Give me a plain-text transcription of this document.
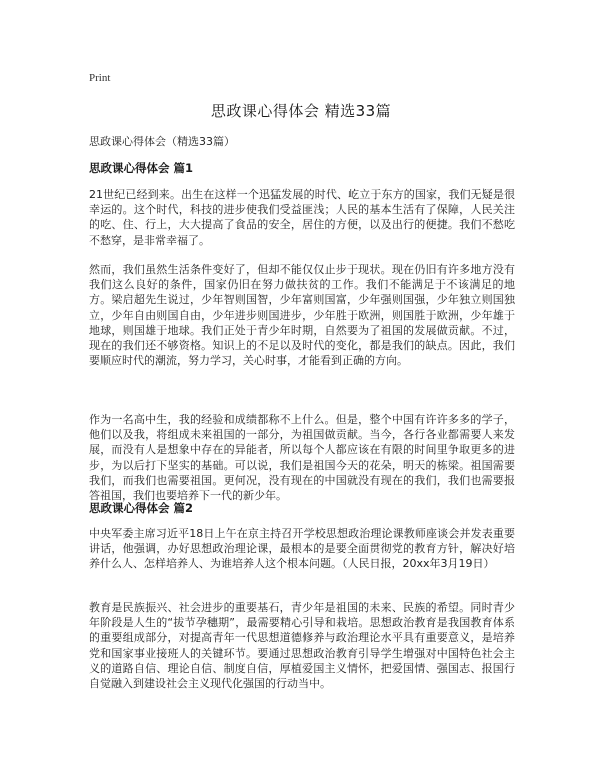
Print
思政课心得体会 精选33篇
思政课心得体会（精选33篇）
思政课心得体会 篇1

21世纪已经到来。出生在这样一个迅猛发展的时代、屹立于东方的国家，我们无疑是很幸运的。这个时代，科技的进步使我们受益匪浅；人民的基本生活有了保障，人民关注的吃、住、行上，大大提高了食品的安全，居住的方便，以及出行的便捷。我们不愁吃不愁穿，是非常幸福了。

然而，我们虽然生活条件变好了，但却不能仅仅止步于现状。现在仍旧有许多地方没有我们这么良好的条件，国家仍旧在努力做扶贫的工作。我们不能满足于不该满足的地方。梁启超先生说过，少年智则国智，少年富则国富，少年强则国强，少年独立则国独立，少年自由则国自由，少年进步则国进步，少年胜于欧洲，则国胜于欧洲，少年雄于地球，则国雄于地球。我们正处于青少年时期，自然要为了祖国的发展做贡献。不过，现在的我们还不够资格。知识上的不足以及时代的变化，都是我们的缺点。因此，我们要顺应时代的潮流，努力学习，关心时事，才能看到正确的方向。

作为一名高中生，我的经验和成绩都称不上什么。但是，整个中国有许许多多的学子，他们以及我，将组成未来祖国的一部分，为祖国做贡献。当今，各行各业都需要人来发展，而没有人是想象中存在的异能者，所以每个人都应该在有限的时间里争取更多的进步，为以后打下坚实的基础。可以说，我们是祖国今天的花朵，明天的栋梁。祖国需要我们，而我们也需要祖国。更何况，没有现在的中国就没有现在的我们，我们也需要报答祖国，我们也要培养下一代的新少年。

思政课心得体会 篇2

中央军委主席习近平18日上午在京主持召开学校思想政治理论课教师座谈会并发表重要讲话，他强调，办好思想政治理论课，最根本的是要全面贯彻党的教育方针，解决好培养什么人、怎样培养人、为谁培养人这个根本问题。（人民日报，20xx年3月19日）

教育是民族振兴、社会进步的重要基石，青少年是祖国的未来、民族的希望。同时青少年阶段是人生的“拔节孕穗期”，最需要精心引导和栽培。思想政治教育是我国教育体系的重要组成部分，对提高青年一代思想道德修养与政治理论水平具有重要意义，是培养党和国家事业接班人的关键环节。要通过思想政治教育引导学生增强对中国特色社会主义的道路自信、理论自信、制度自信，厚植爱国主义情怀，把爱国情、强国志、报国行自觉融入到建设社会主义现代化强国的行动当中。
